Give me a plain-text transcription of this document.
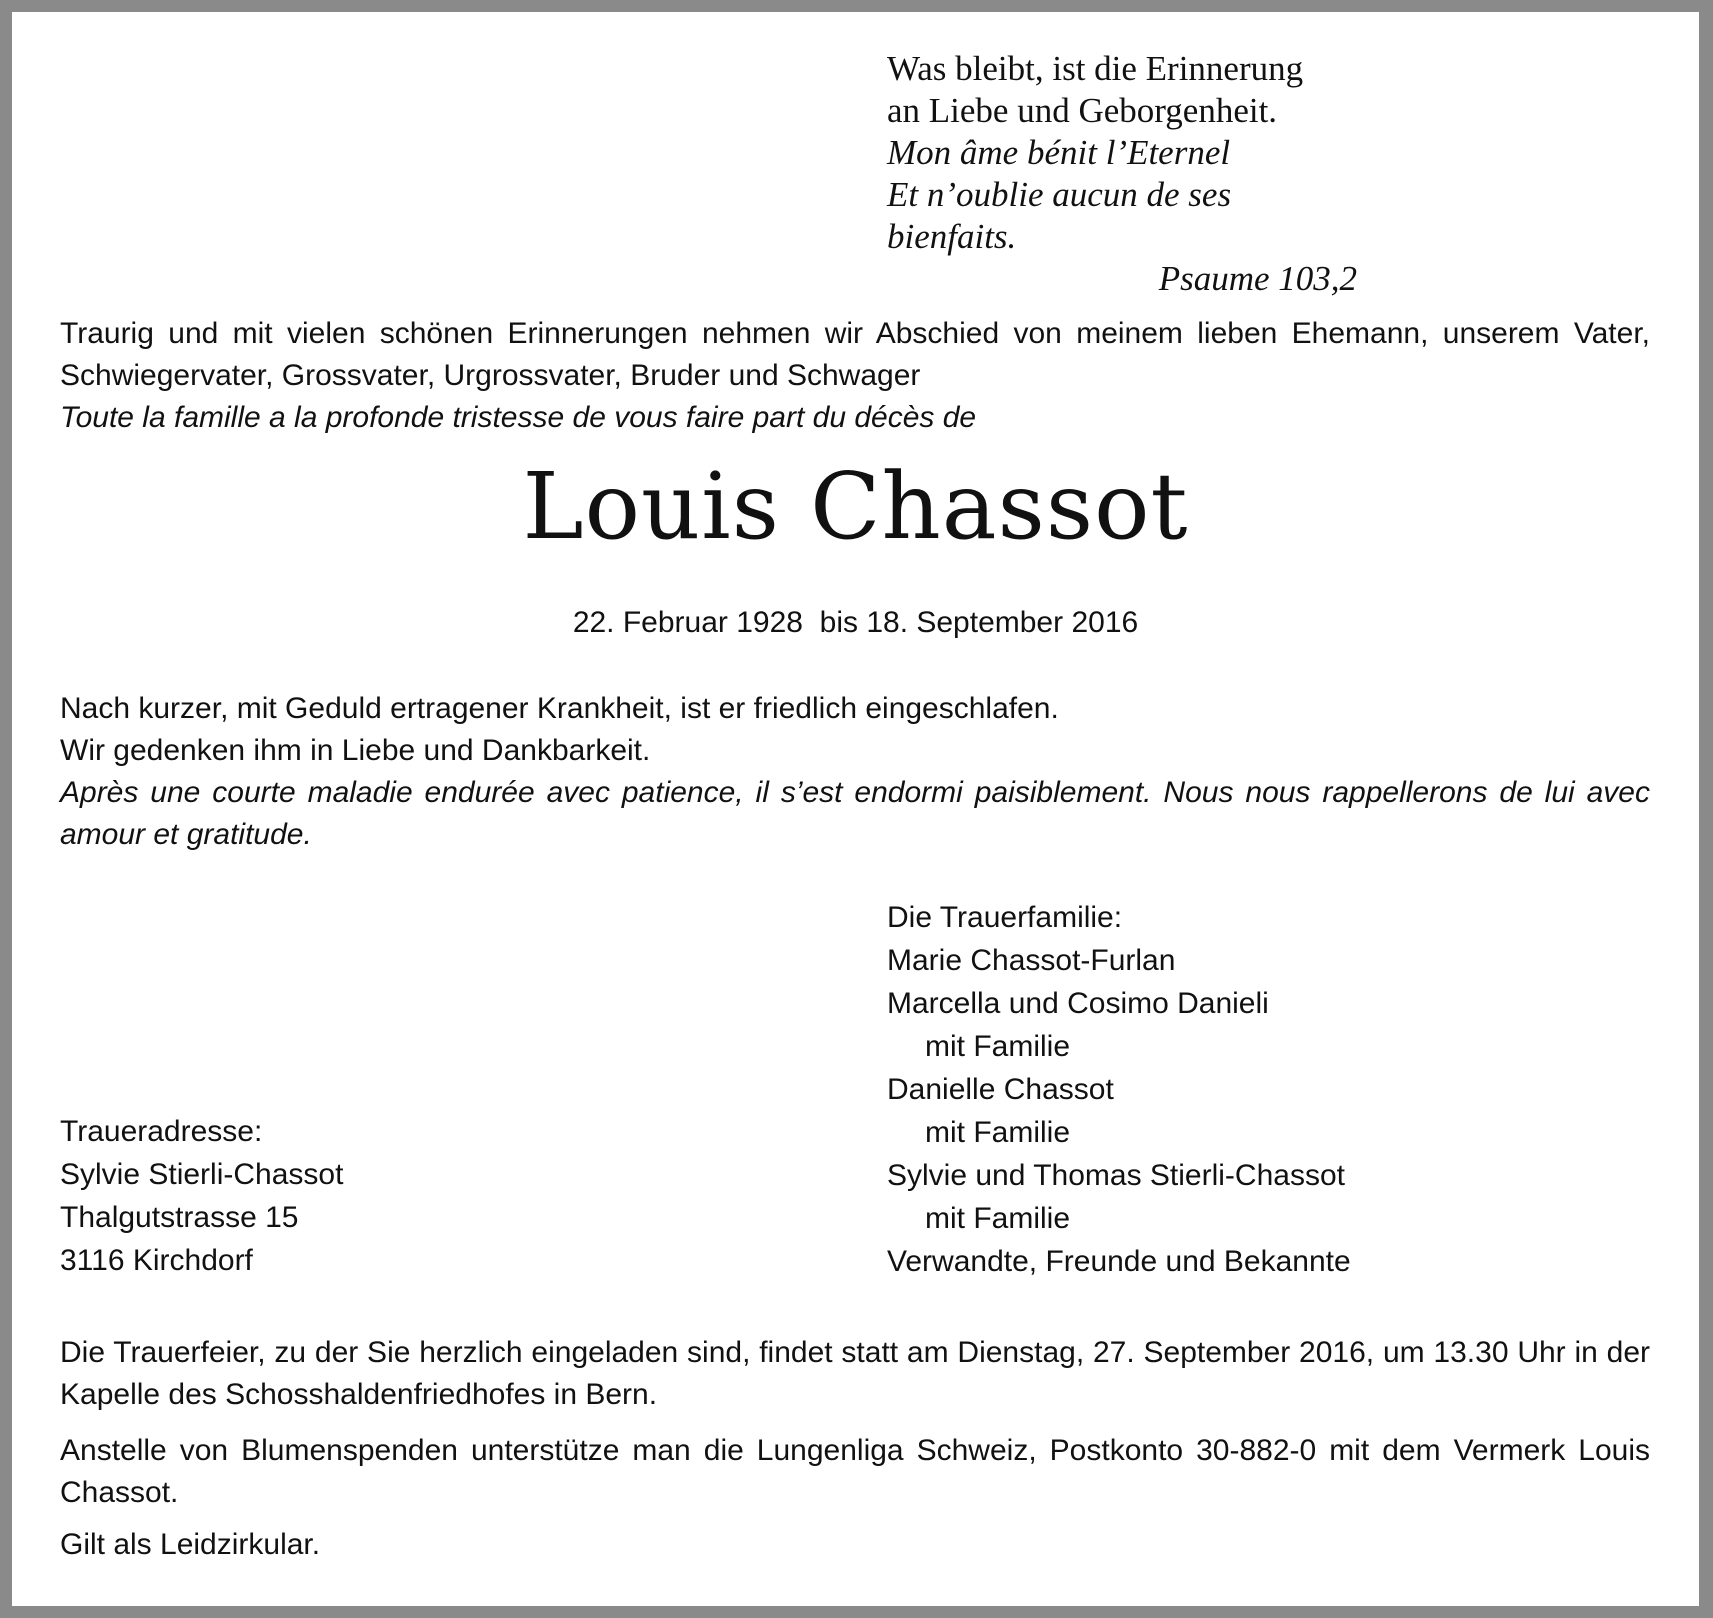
Was bleibt, ist die Erinnerung

an Liebe und Geborgenheit.

Mon âme bénit l’Eternel

Et n’oublie aucun de ses bienfaits.

Psaume 103,2

Traurig und mit vielen schönen Erinnerungen nehmen wir Abschied von meinem lieben Ehemann, unserem Vater, Schwiegervater, Grossvater, Urgrossvater, Bruder und Schwager

Toute la famille a la profonde tristesse de vous faire part du décès de

Louis Chassot
22. Februar 1928  bis 18. September 2016

Nach kurzer, mit Geduld ertragener Krankheit, ist er friedlich eingeschlafen.

Wir gedenken ihm in Liebe und Dankbarkeit.

Après une courte maladie endurée avec patience, il s’est endormi paisiblement. Nous nous rappellerons de lui avec amour et gratitude.

Die Trauerfamilie:

Marie Chassot-Furlan

Marcella und Cosimo Danieli

mit Familie

Danielle Chassot

mit Familie

Sylvie und Thomas Stierli-Chassot

mit Familie

Verwandte, Freunde und Bekannte

Traueradresse:

Sylvie Stierli-Chassot

Thalgutstrasse 15

3116 Kirchdorf

Die Trauerfeier, zu der Sie herzlich eingeladen sind, findet statt am Dienstag, 27. September 2016, um 13.30 Uhr in der Kapelle des Schosshaldenfriedhofes in Bern.

Anstelle von Blumenspenden unterstütze man die Lungenliga Schweiz, Postkonto 30-882-0 mit dem Vermerk Louis Chassot.

Gilt als Leidzirkular.
